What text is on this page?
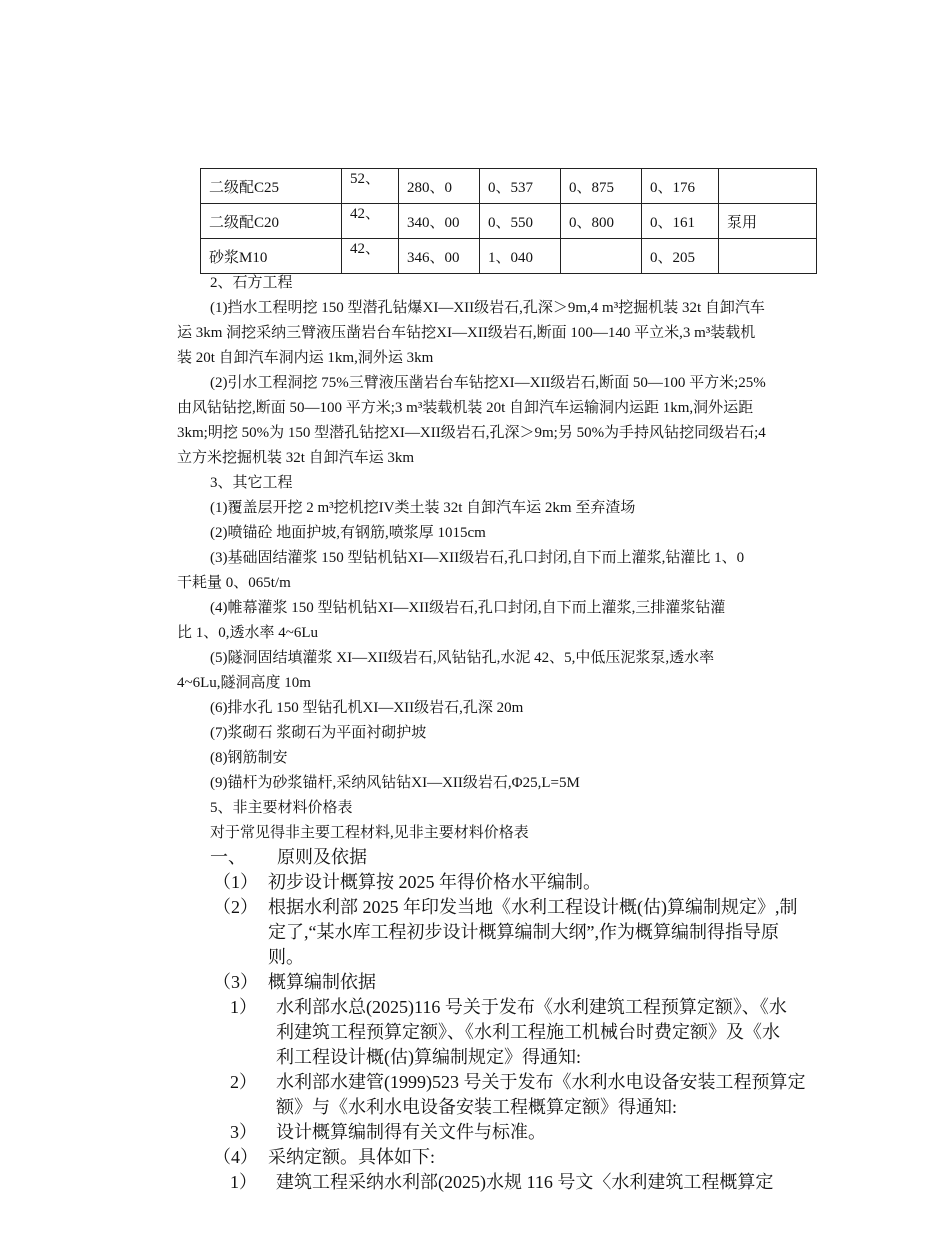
二级配C25	52、	280、0	0、537	0、875	0、176	
二级配C20	42、	340、00	0、550	0、800	0、161	泵用
砂浆M10	42、	346、00	1、040		0、205	
2、石方工程
(1)挡水工程明挖 150 型潜孔钻爆XI—XII级岩石,孔深＞9m,4 m³挖掘机装 32t 自卸汽车
运 3km 洞挖采纳三臂液压凿岩台车钻挖XI—XII级岩石,断面 100—140 平立米,3 m³装载机
装 20t 自卸汽车洞内运 1km,洞外运 3km
(2)引水工程洞挖 75%三臂液压凿岩台车钻挖XI—XII级岩石,断面 50—100 平方米;25%
由风钻钻挖,断面 50—100 平方米;3 m³装载机装 20t 自卸汽车运输洞内运距 1km,洞外运距
3km;明挖 50%为 150 型潜孔钻挖XI—XII级岩石,孔深＞9m;另 50%为手持风钻挖同级岩石;4
立方米挖掘机装 32t 自卸汽车运 3km
3、其它工程
(1)覆盖层开挖 2 m³挖机挖IV类土装 32t 自卸汽车运 2km 至弃渣场
(2)喷锚砼 地面护坡,有钢筋,喷浆厚 1015cm
(3)基础固结灌浆 150 型钻机钻XI—XII级岩石,孔口封闭,自下而上灌浆,钻灌比 1、0
干耗量 0、065t/m
(4)帷幕灌浆 150 型钻机钻XI—XII级岩石,孔口封闭,自下而上灌浆,三排灌浆钻灌
比 1、0,透水率 4~6Lu
(5)隧洞固结填灌浆 XI—XII级岩石,风钻钻孔,水泥 42、5,中低压泥浆泵,透水率
4~6Lu,隧洞高度 10m
(6)排水孔 150 型钻孔机XI—XII级岩石,孔深 20m
(7)浆砌石 浆砌石为平面衬砌护坡
(8)钢筋制安
(9)锚杆为砂浆锚杆,采纳风钻钻XI—XII级岩石,Φ25,L=5M
5、非主要材料价格表
对于常见得非主要工程材料,见非主要材料价格表
一、 原则及依据
（1） 初步设计概算按 2025 年得价格水平编制。
（2） 根据水利部 2025 年印发当地《水利工程设计概(估)算编制规定》,制
定了,“某水库工程初步设计概算编制大纲”,作为概算编制得指导原
则。
（3） 概算编制依据
1） 水利部水总(2025)116 号关于发布《水利建筑工程预算定额》、《水
利建筑工程预算定额》、《水利工程施工机械台时费定额》及《水
利工程设计概(估)算编制规定》得通知:
2） 水利部水建管(1999)523 号关于发布《水利水电设备安装工程预算定
额》与《水利水电设备安装工程概算定额》得通知:
3） 设计概算编制得有关文件与标准。
（4） 采纳定额。具体如下:
1） 建筑工程采纳水利部(2025)水规 116 号文〈水利建筑工程概算定
